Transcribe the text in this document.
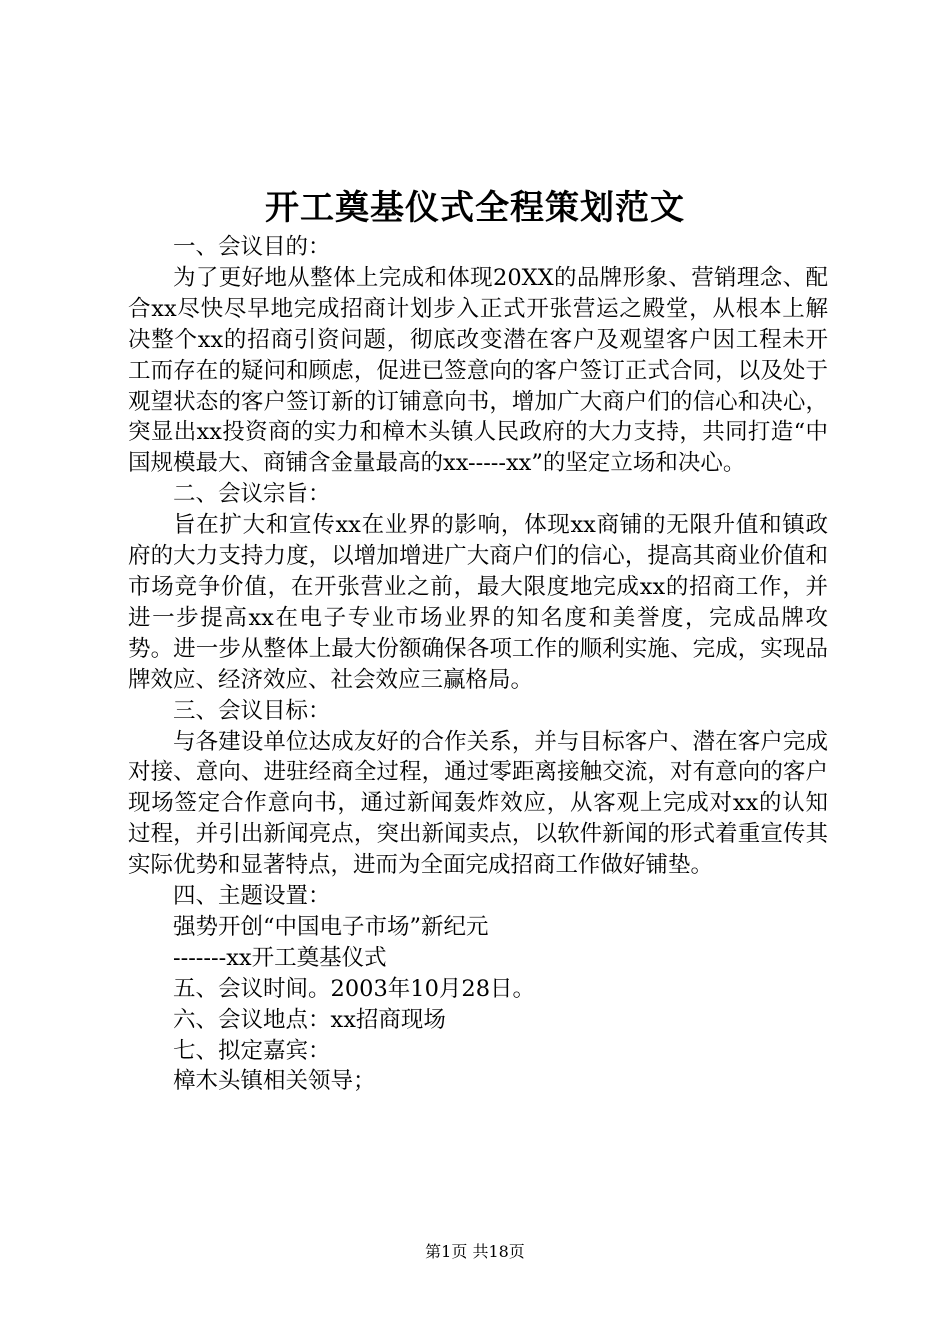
开工奠基仪式全程策划范文

一、会议目的：

为了更好地从整体上完成和体现20XX的品牌形象、营销理念、配合xx尽快尽早地完成招商计划步入正式开张营运之殿堂，从根本上解决整个xx的招商引资问题，彻底改变潜在客户及观望客户因工程未开工而存在的疑问和顾虑，促进已签意向的客户签订正式合同，以及处于观望状态的客户签订新的订铺意向书，增加广大商户们的信心和决心，突显出xx投资商的实力和樟木头镇人民政府的大力支持，共同打造“中国规模最大、商铺含金量最高的xx-----xx”的坚定立场和决心。

二、会议宗旨：

旨在扩大和宣传xx在业界的影响，体现xx商铺的无限升值和镇政府的大力支持力度，以增加增进广大商户们的信心，提高其商业价值和市场竞争价值，在开张营业之前，最大限度地完成xx的招商工作，并进一步提高xx在电子专业市场业界的知名度和美誉度，完成品牌攻势。进一步从整体上最大份额确保各项工作的顺利实施、完成，实现品牌效应、经济效应、社会效应三赢格局。

三、会议目标：

与各建设单位达成友好的合作关系，并与目标客户、潜在客户完成对接、意向、进驻经商全过程，通过零距离接触交流，对有意向的客户现场签定合作意向书，通过新闻轰炸效应，从客观上完成对xx的认知过程，并引出新闻亮点，突出新闻卖点，以软件新闻的形式着重宣传其实际优势和显著特点，进而为全面完成招商工作做好铺垫。

四、主题设置：

强势开创“中国电子市场”新纪元

-------xx开工奠基仪式

五、会议时间。2003年10月28日。

六、会议地点：xx招商现场

七、拟定嘉宾：

樟木头镇相关领导；

第1页 共18页
